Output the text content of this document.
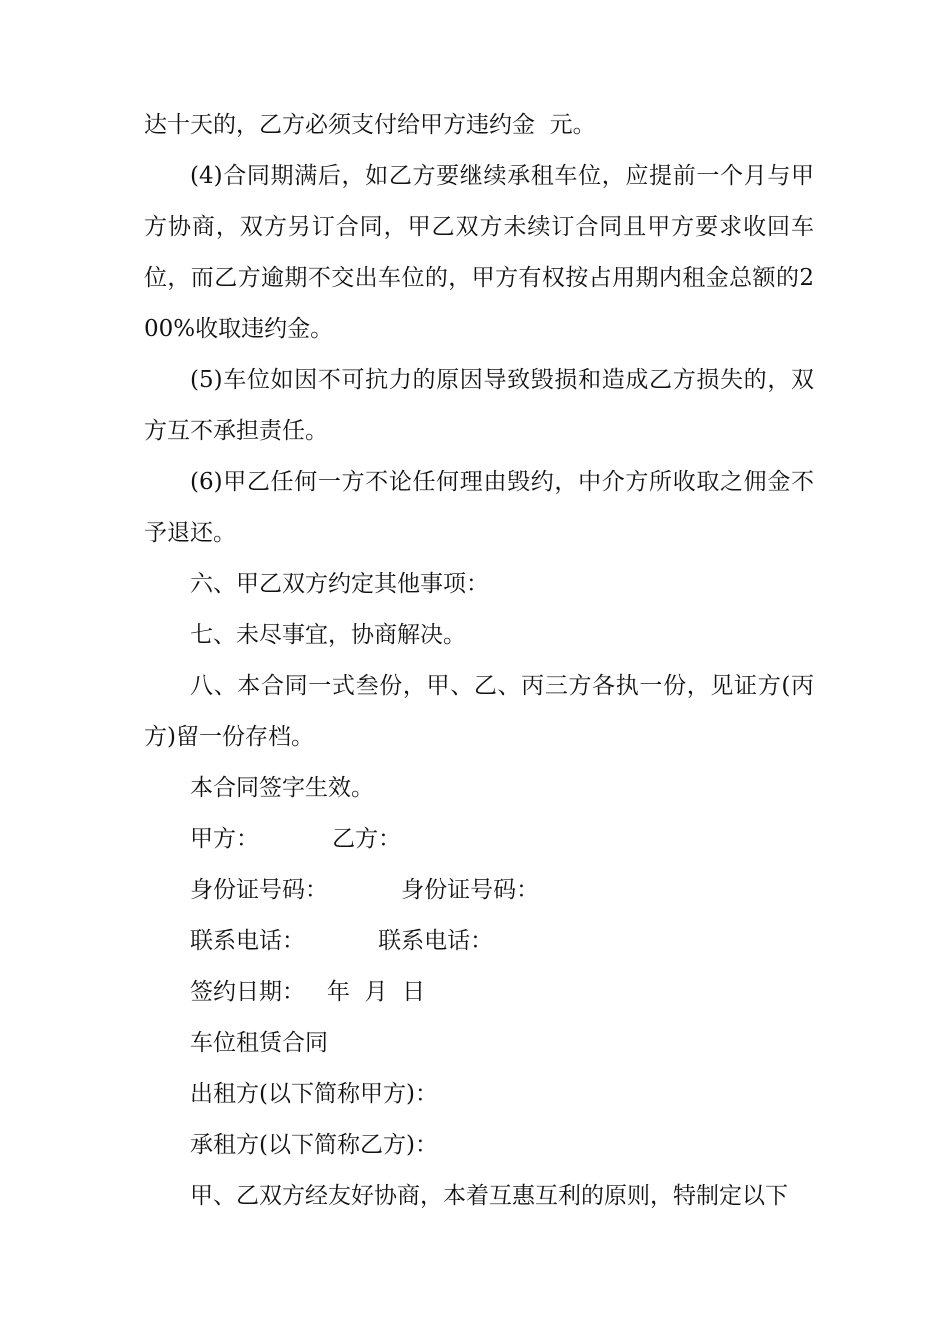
达十天的，乙方必须支付给甲方违约金  元。

(4)合同期满后，如乙方要继续承租车位，应提前一个月与甲方协商，双方另订合同，甲乙双方未续订合同且甲方要求收回车位，而乙方逾期不交出车位的，甲方有权按占用期内租金总额的200%收取违约金。

(5)车位如因不可抗力的原因导致毁损和造成乙方损失的，双方互不承担责任。

(6)甲乙任何一方不论任何理由毁约，中介方所收取之佣金不予退还。

六、甲乙双方约定其他事项：

七、未尽事宜，协商解决。

八、本合同一式叁份，甲、乙、丙三方各执一份，见证方(丙方)留一份存档。

本合同签字生效。

甲方：          乙方：

身份证号码：          身份证号码：

联系电话：          联系电话：

签约日期：   年  月  日

车位租赁合同

出租方(以下简称甲方)：

承租方(以下简称乙方)：

甲、乙双方经友好协商，本着互惠互利的原则，特制定以下
